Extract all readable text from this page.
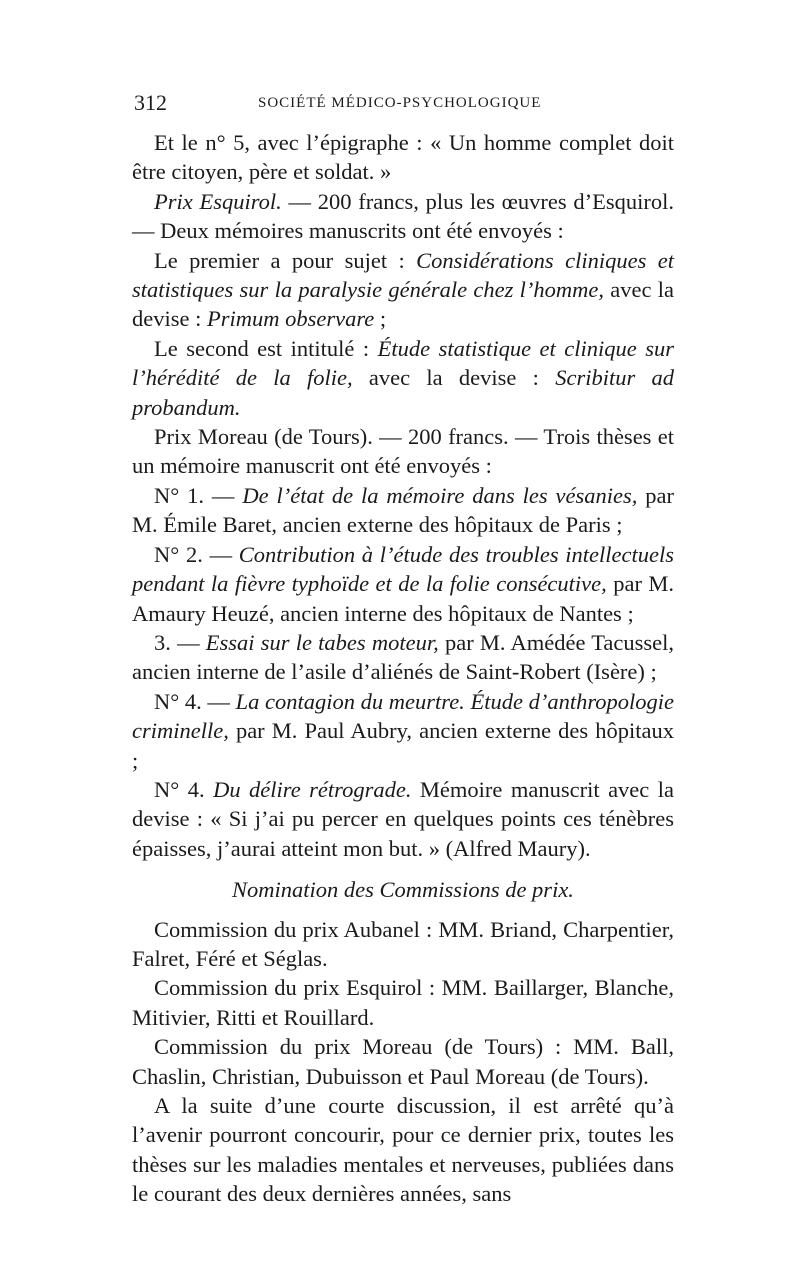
312	SOCIÉTÉ MÉDICO-PSYCHOLOGIQUE

Et le n° 5, avec l’épigraphe : « Un homme complet doit être citoyen, père et soldat. »

Prix Esquirol. — 200 francs, plus les œuvres d’Esquirol. — Deux mémoires manuscrits ont été envoyés :

Le premier a pour sujet : Considérations cliniques et statistiques sur la paralysie générale chez l’homme, avec la devise : Primum observare ;

Le second est intitulé : Étude statistique et clinique sur l’hérédité de la folie, avec la devise : Scribitur ad probandum.

Prix Moreau (de Tours). — 200 francs. — Trois thèses et un mémoire manuscrit ont été envoyés :

N° 1. — De l’état de la mémoire dans les vésanies, par M. Émile Baret, ancien externe des hôpitaux de Paris ;

N° 2. — Contribution à l’étude des troubles intellectuels pendant la fièvre typhoïde et de la folie consécutive, par M. Amaury Heuzé, ancien interne des hôpitaux de Nantes ;

3. — Essai sur le tabes moteur, par M. Amédée Tacussel, ancien interne de l’asile d’aliénés de Saint-Robert (Isère) ;

N° 4. — La contagion du meurtre. Étude d’anthropologie criminelle, par M. Paul Aubry, ancien externe des hôpitaux ;

N° 4. Du délire rétrograde. Mémoire manuscrit avec la devise : « Si j’ai pu percer en quelques points ces ténèbres épaisses, j’aurai atteint mon but. » (Alfred Maury).

Nomination des Commissions de prix.

Commission du prix Aubanel : MM. Briand, Charpentier, Falret, Féré et Séglas.

Commission du prix Esquirol : MM. Baillarger, Blanche, Mitivier, Ritti et Rouillard.

Commission du prix Moreau (de Tours) : MM. Ball, Chaslin, Christian, Dubuisson et Paul Moreau (de Tours).

A la suite d’une courte discussion, il est arrêté qu’à l’avenir pourront concourir, pour ce dernier prix, toutes les thèses sur les maladies mentales et nerveuses, publiées dans le courant des deux dernières années, sans
